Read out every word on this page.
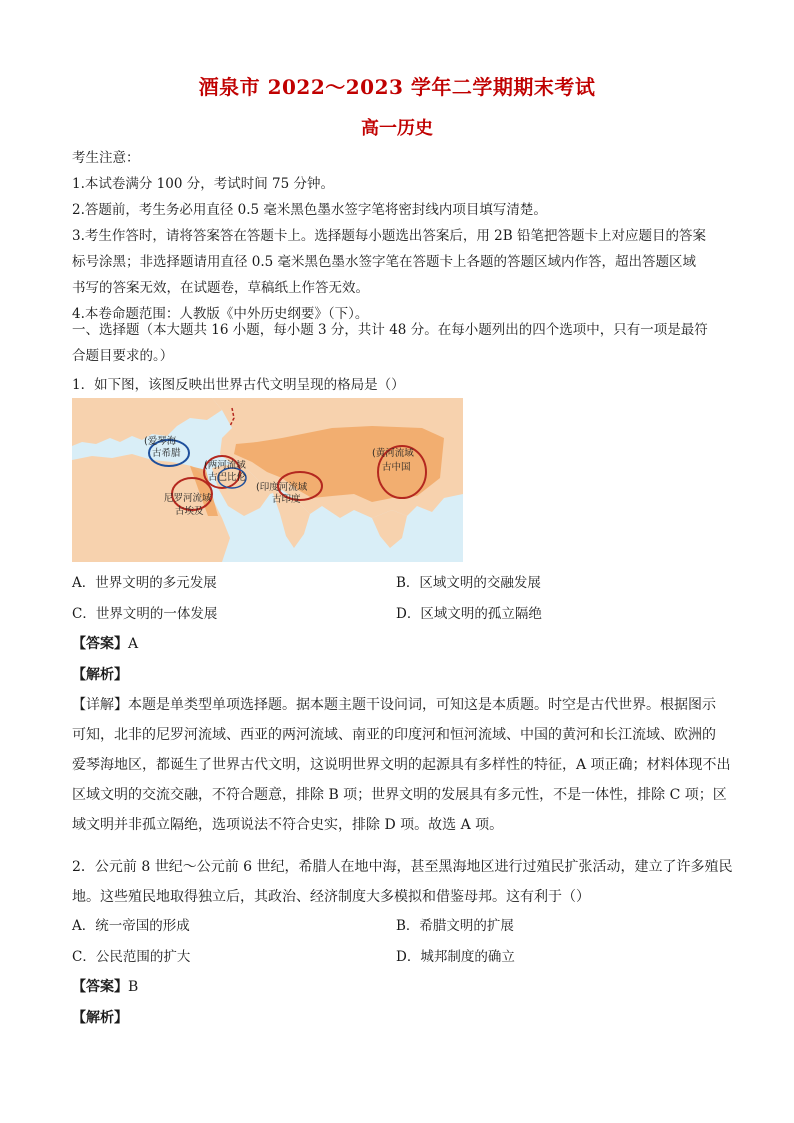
酒泉市 2022～2023 学年二学期期末考试
高一历史
考生注意：
1.本试卷满分 100 分，考试时间 75 分钟。
2.答题前，考生务必用直径 0.5 毫米黑色墨水签字笔将密封线内项目填写清楚。
3.考生作答时，请将答案答在答题卡上。选择题每小题选出答案后，用 2B 铅笔把答题卡上对应题目的答案
标号涂黑；非选择题请用直径 0.5 毫米黑色墨水签字笔在答题卡上各题的答题区域内作答，超出答题区域
书写的答案无效，在试题卷，草稿纸上作答无效。
4.本卷命题范围：人教版《中外历史纲要》（下）。
一、选择题（本大题共 16 小题，每小题 3 分，共计 48 分。在每小题列出的四个选项中，只有一项是最符
合题目要求的。）
1．如下图，该图反映出世界古代文明呈现的格局是（）
(爱琴海
古希腊
(两河流域
古巴比伦
尼罗河流域
古埃及
(印度河流域
古印度
(黄河流域
古中国
A．世界文明的多元发展	B．区域文明的交融发展
C．世界文明的一体发展	D．区域文明的孤立隔绝
【答案】A
【解析】
【详解】本题是单类型单项选择题。据本题主题干设问词，可知这是本质题。时空是古代世界。根据图示
可知，北非的尼罗河流域、西亚的两河流域、南亚的印度河和恒河流域、中国的黄河和长江流域、欧洲的
爱琴海地区，都诞生了世界古代文明，这说明世界文明的起源具有多样性的特征，A 项正确；材料体现不出
区域文明的交流交融，不符合题意，排除 B 项；世界文明的发展具有多元性，不是一体性，排除 C 项；区
域文明并非孤立隔绝，选项说法不符合史实，排除 D 项。故选 A 项。
2．公元前 8 世纪～公元前 6 世纪，希腊人在地中海，甚至黑海地区进行过殖民扩张活动，建立了许多殖民
地。这些殖民地取得独立后，其政治、经济制度大多模拟和借鉴母邦。这有利于（）
A．统一帝国的形成	B．希腊文明的扩展
C．公民范围的扩大	D．城邦制度的确立
【答案】B
【解析】
